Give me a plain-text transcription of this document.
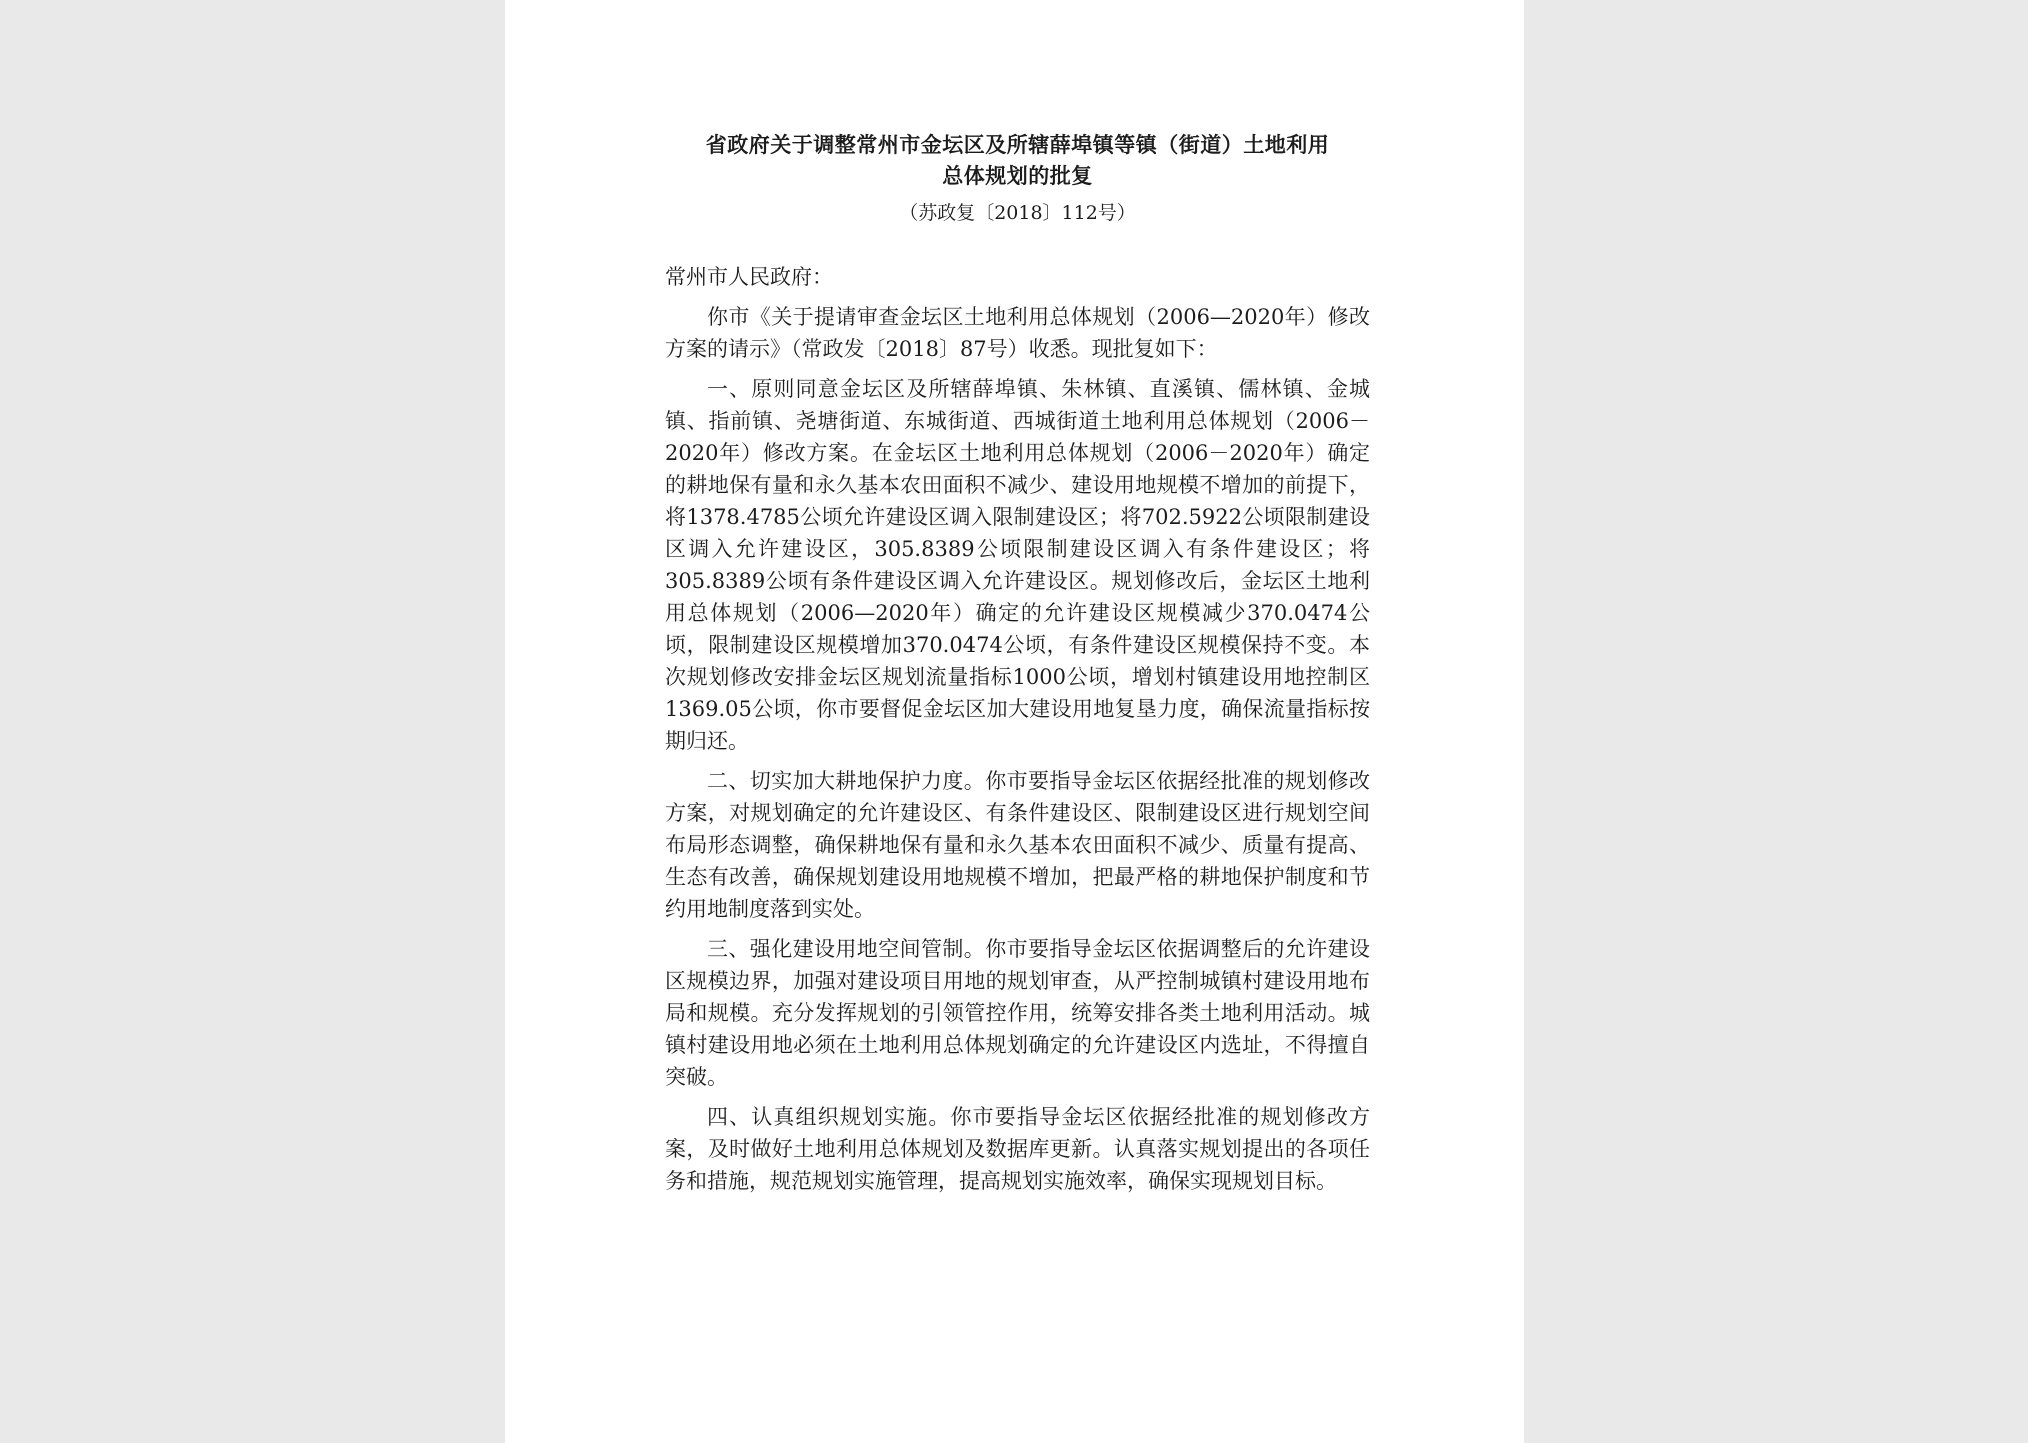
省政府关于调整常州市金坛区及所辖薛埠镇等镇（街道）土地利用
总体规划的批复

（苏政复〔2018〕112号）

常州市人民政府：

你市《关于提请审查金坛区土地利用总体规划（2006—2020年）修改方案的请示》（常政发〔2018〕87号）收悉。现批复如下：

一、原则同意金坛区及所辖薛埠镇、朱林镇、直溪镇、儒林镇、金城镇、指前镇、尧塘街道、东城街道、西城街道土地利用总体规划（2006－2020年）修改方案。在金坛区土地利用总体规划（2006－2020年）确定的耕地保有量和永久基本农田面积不减少、建设用地规模不增加的前提下，将1378.4785公顷允许建设区调入限制建设区；将702.5922公顷限制建设区调入允许建设区，305.8389公顷限制建设区调入有条件建设区；将305.8389公顷有条件建设区调入允许建设区。规划修改后，金坛区土地利用总体规划（2006—2020年）确定的允许建设区规模减少370.0474公顷，限制建设区规模增加370.0474公顷，有条件建设区规模保持不变。本次规划修改安排金坛区规划流量指标1000公顷，增划村镇建设用地控制区1369.05公顷，你市要督促金坛区加大建设用地复垦力度，确保流量指标按期归还。

二、切实加大耕地保护力度。你市要指导金坛区依据经批准的规划修改方案，对规划确定的允许建设区、有条件建设区、限制建设区进行规划空间布局形态调整，确保耕地保有量和永久基本农田面积不减少、质量有提高、生态有改善，确保规划建设用地规模不增加，把最严格的耕地保护制度和节约用地制度落到实处。

三、强化建设用地空间管制。你市要指导金坛区依据调整后的允许建设区规模边界，加强对建设项目用地的规划审查，从严控制城镇村建设用地布局和规模。充分发挥规划的引领管控作用，统筹安排各类土地利用活动。城镇村建设用地必须在土地利用总体规划确定的允许建设区内选址，不得擅自突破。

四、认真组织规划实施。你市要指导金坛区依据经批准的规划修改方案，及时做好土地利用总体规划及数据库更新。认真落实规划提出的各项任务和措施，规范规划实施管理，提高规划实施效率，确保实现规划目标。
